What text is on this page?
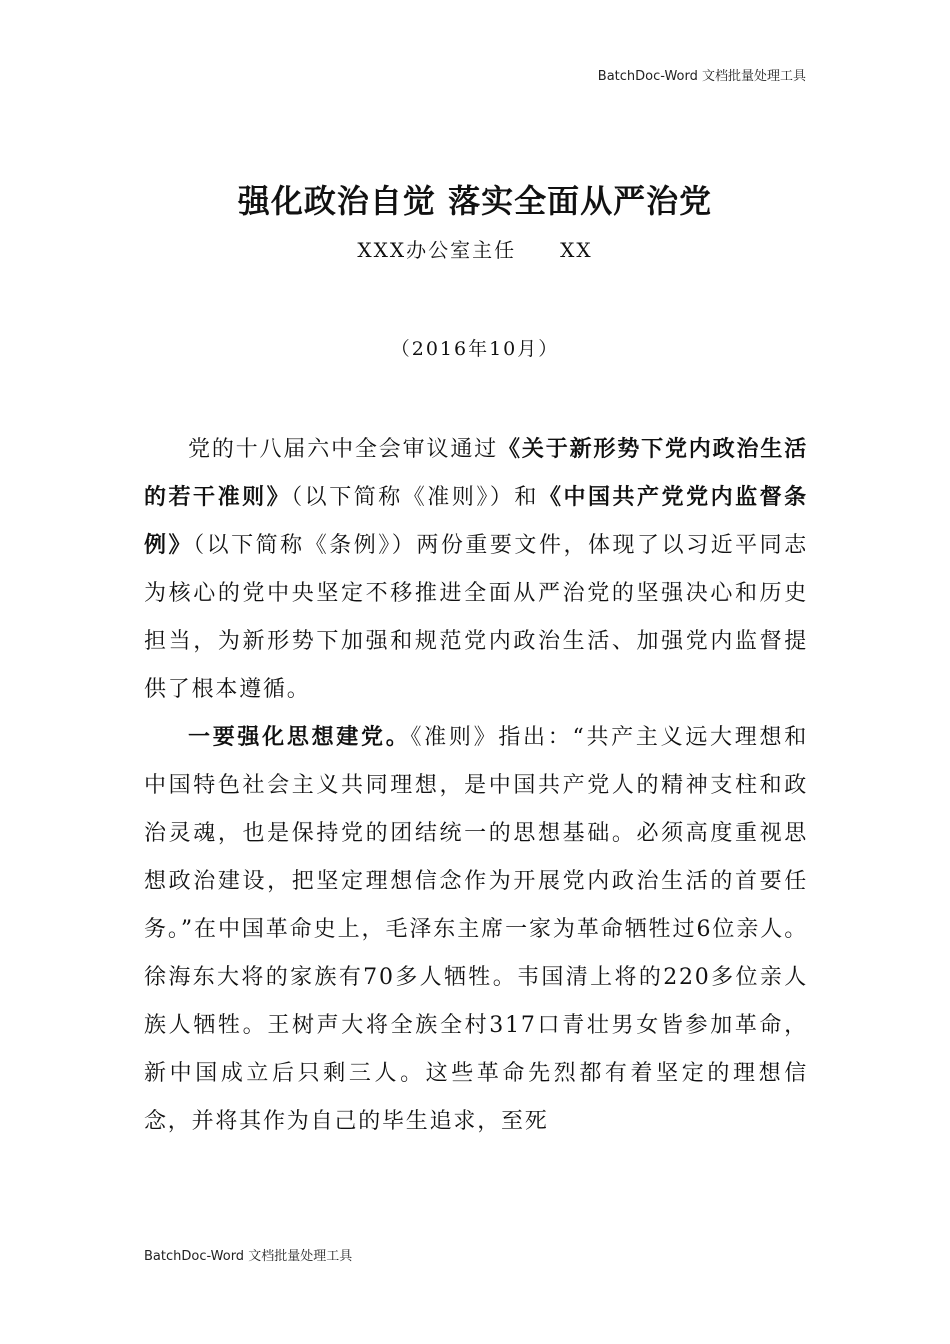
BatchDoc-Word 文档批量处理工具
强化政治自觉 落实全面从严治党
XXX办公室主任　　XX
（2016年10月）

党的十八届六中全会审议通过《关于新形势下党内政治生活的若干准则》（以下简称《准则》）和《中国共产党党内监督条例》（以下简称《条例》）两份重要文件，体现了以习近平同志为核心的党中央坚定不移推进全面从严治党的坚强决心和历史担当，为新形势下加强和规范党内政治生活、加强党内监督提供了根本遵循。

一要强化思想建党。《准则》指出：“共产主义远大理想和中国特色社会主义共同理想，是中国共产党人的精神支柱和政治灵魂，也是保持党的团结统一的思想基础。必须高度重视思想政治建设，把坚定理想信念作为开展党内政治生活的首要任务。”在中国革命史上，毛泽东主席一家为革命牺牲过6位亲人。徐海东大将的家族有70多人牺牲。韦国清上将的220多位亲人族人牺牲。王树声大将全族全村317口青壮男女皆参加革命，新中国成立后只剩三人。这些革命先烈都有着坚定的理想信念，并将其作为自己的毕生追求，至死

BatchDoc-Word 文档批量处理工具
